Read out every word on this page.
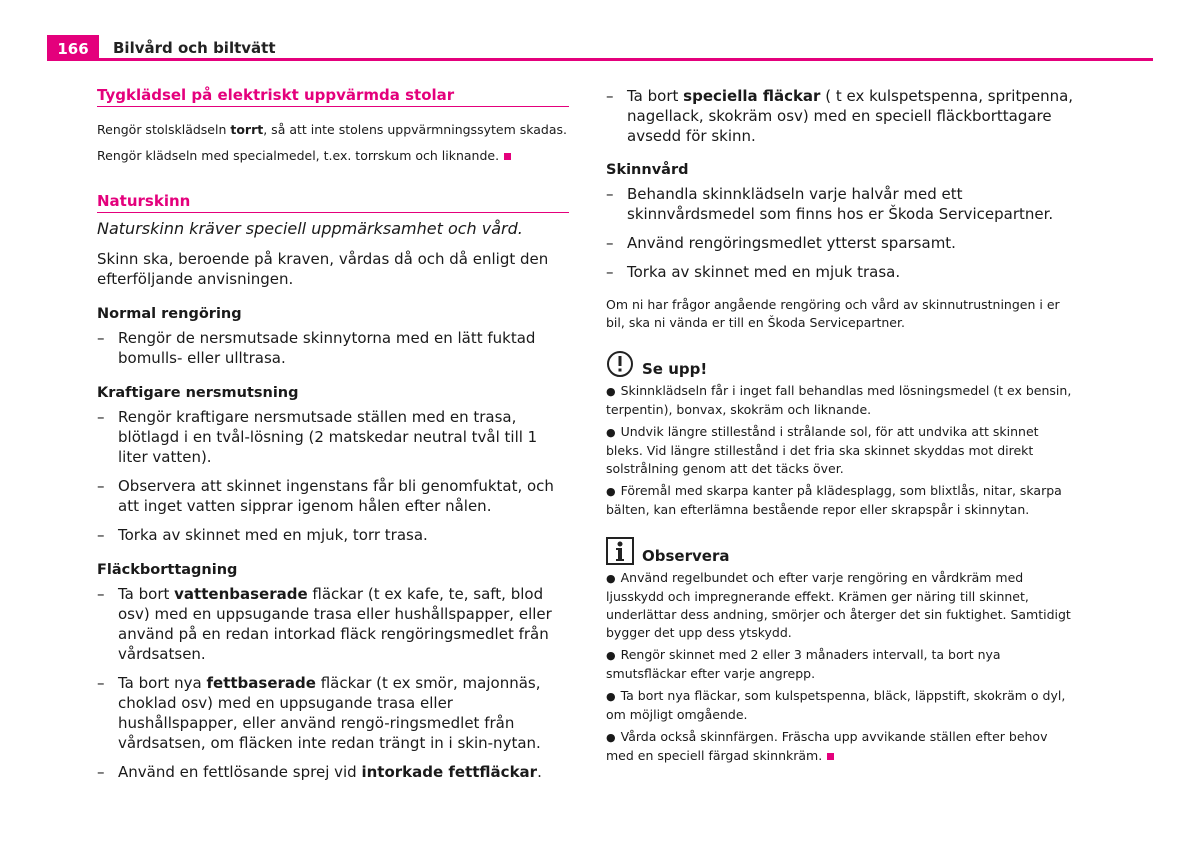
166	Bilvård och biltvätt
Tygklädsel på elektriskt uppvärmda stolar

Rengör stolsklädseln torrt, så att inte stolens uppvärmningssytem skadas.

Rengör klädseln med specialmedel, t.ex. torrskum och liknande.

Naturskinn

Naturskinn kräver speciell uppmärksamhet och vård.

Skinn ska, beroende på kraven, vårdas då och då enligt den efterföljande anvisningen.

Normal rengöring

– Rengör de nersmutsade skinnytorna med en lätt fuktad bomulls- eller ulltrasa.

Kraftigare nersmutsning

– Rengör kraftigare nersmutsade ställen med en trasa, blötlagd i en tvål-lösning (2 matskedar neutral tvål till 1 liter vatten).
– Observera att skinnet ingenstans får bli genomfuktat, och att inget vatten sipprar igenom hålen efter nålen.
– Torka av skinnet med en mjuk, torr trasa.

Fläckborttagning

– Ta bort vattenbaserade fläckar (t ex kafe, te, saft, blod osv) med en uppsugande trasa eller hushållspapper, eller använd på en redan intorkad fläck rengöringsmedlet från vårdsatsen.
– Ta bort nya fettbaserade fläckar (t ex smör, majonnäs, choklad osv) med en uppsugande trasa eller hushållspapper, eller använd rengö-ringsmedlet från vårdsatsen, om fläcken inte redan trängt in i skin-nytan.
– Använd en fettlösande sprej vid intorkade fettfläckar.
– Ta bort speciella fläckar ( t ex kulspetspenna, spritpenna, nagellack, skokräm osv) med en speciell fläckborttagare avsedd för skinn.

Skinnvård

– Behandla skinnklädseln varje halvår med ett skinnvårdsmedel som finns hos er Škoda Servicepartner.
– Använd rengöringsmedlet ytterst sparsamt.
– Torka av skinnet med en mjuk trasa.

Om ni har frågor angående rengöring och vård av skinnutrustningen i er bil, ska ni vända er till en Škoda Servicepartner.

Se upp!

● Skinnklädseln får i inget fall behandlas med lösningsmedel (t ex bensin, terpentin), bonvax, skokräm och liknande.

● Undvik längre stillestånd i strålande sol, för att undvika att skinnet bleks. Vid längre stillestånd i det fria ska skinnet skyddas mot direkt solstrålning genom att det täcks över.

● Föremål med skarpa kanter på klädesplagg, som blixtlås, nitar, skarpa bälten, kan efterlämna bestående repor eller skrapspår i skinnytan.

Observera

● Använd regelbundet och efter varje rengöring en vårdkräm med ljusskydd och impregnerande effekt. Krämen ger näring till skinnet, underlättar dess andning, smörjer och återger det sin fuktighet. Samtidigt bygger det upp dess ytskydd.

● Rengör skinnet med 2 eller 3 månaders intervall, ta bort nya smutsfläckar efter varje angrepp.

● Ta bort nya fläckar, som kulspetspenna, bläck, läppstift, skokräm o dyl, om möjligt omgående.

● Vårda också skinnfärgen. Fräscha upp avvikande ställen efter behov med en speciell färgad skinnkräm.
